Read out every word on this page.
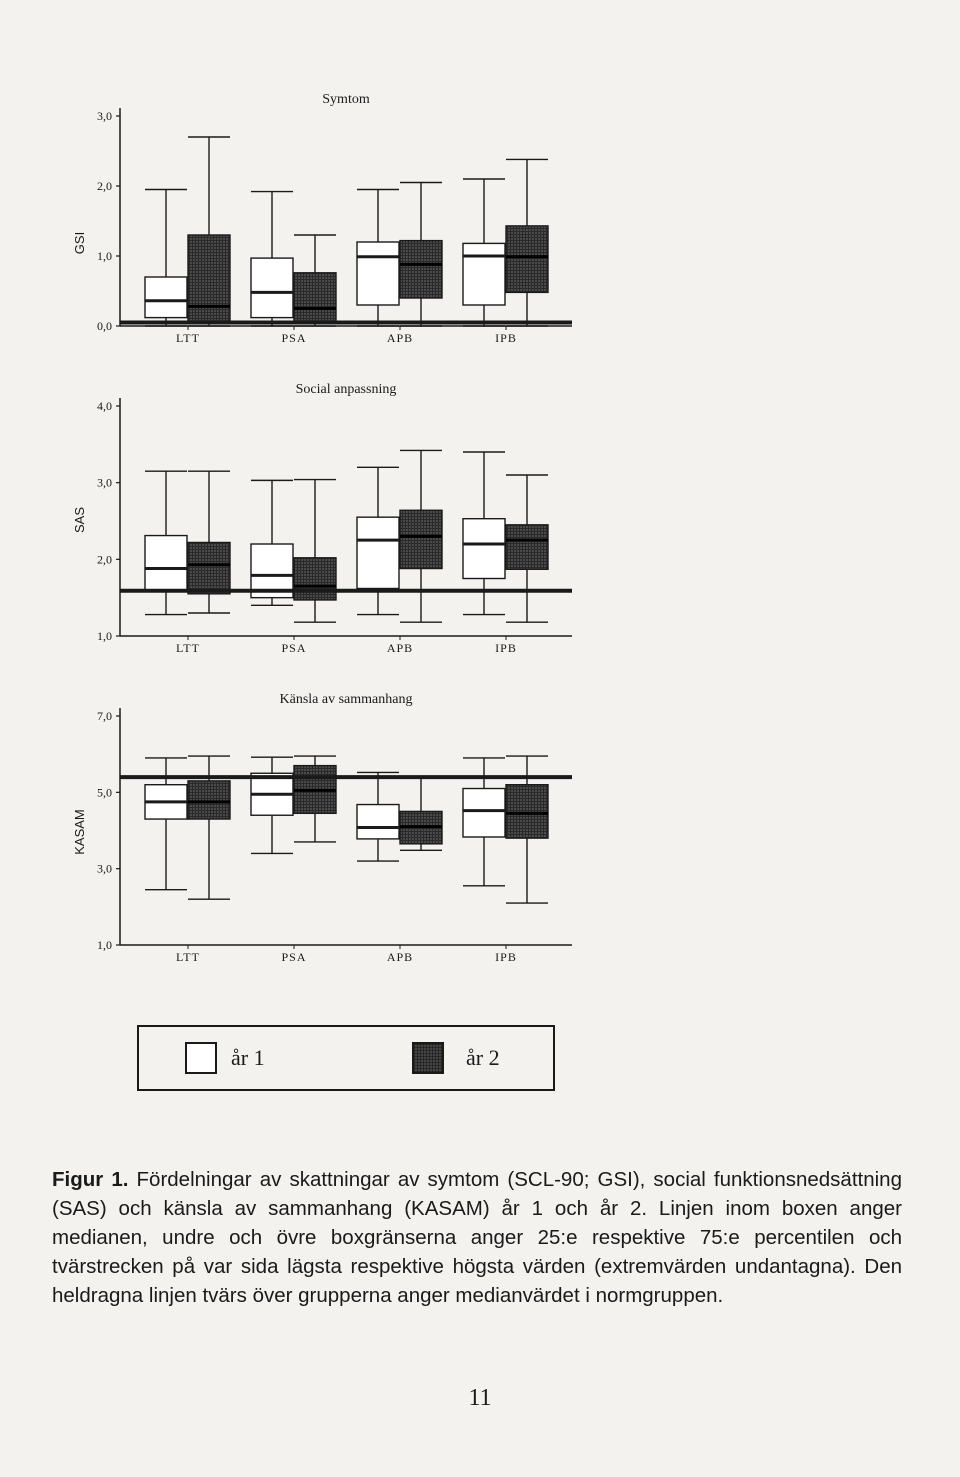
Symtom
GSI
0,0
1,0
2,0
3,0
LTT	PSA	APB	IPB
Social anpassning
SAS
1,0
2,0
3,0
4,0
LTT	PSA	APB	IPB
Känsla av sammanhang
KASAM
1,0
3,0
5,0
7,0
LTT	PSA	APB	IPB
år 1	år 2
Figur 1. Fördelningar av skattningar av symtom (SCL-90; GSI), social funktionsnedsättning (SAS) och känsla av sammanhang (KASAM) år 1 och år 2. Linjen inom boxen anger medianen, undre och övre boxgränserna anger 25:e respektive 75:e percentilen och tvärstrecken på var sida lägsta respektive högsta värden (extremvärden undantagna). Den heldragna linjen tvärs över grupperna anger medianvärdet i normgruppen.
11
